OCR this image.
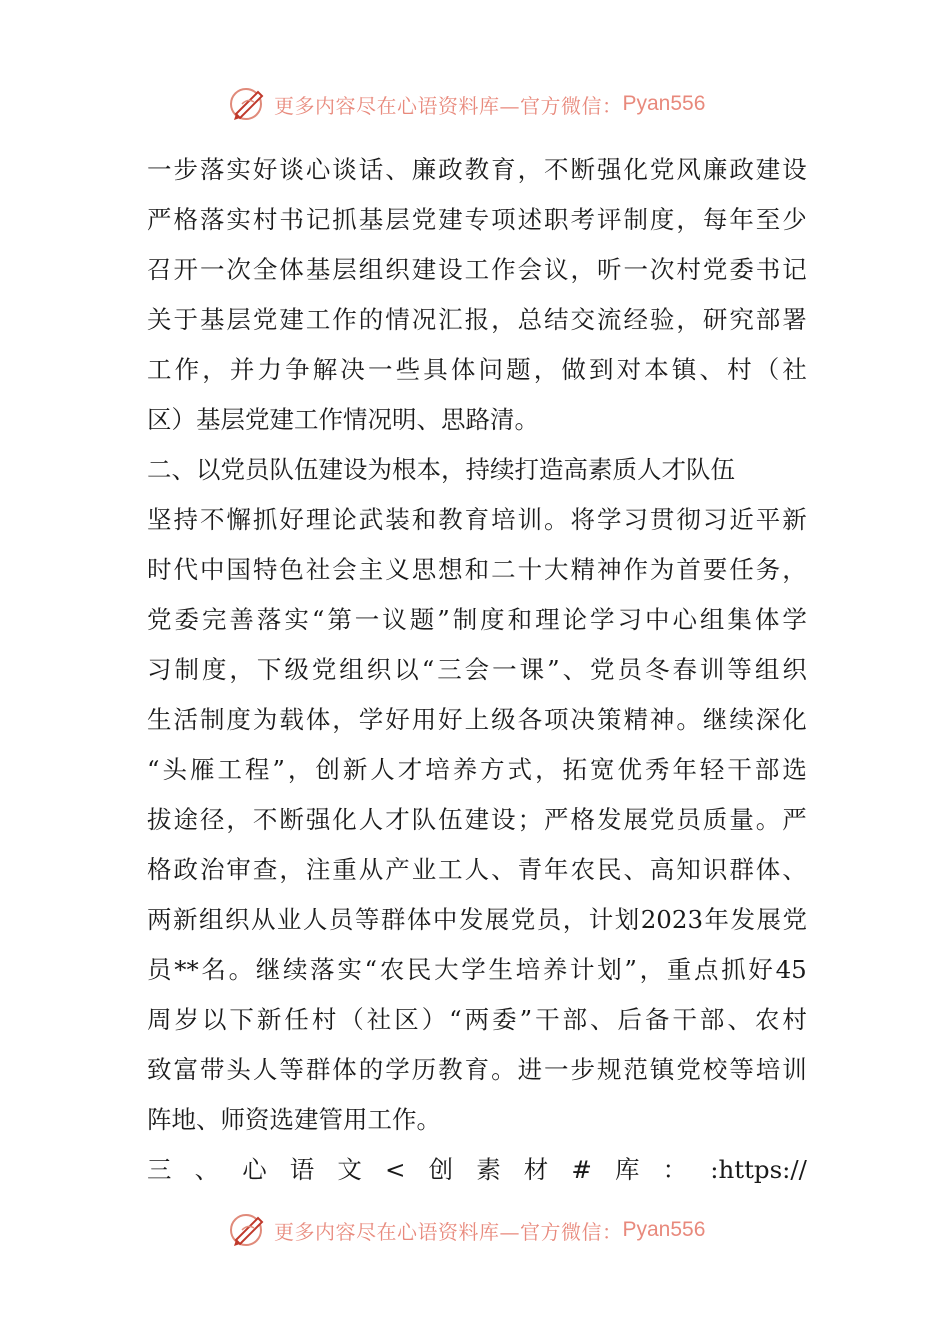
更多内容尽在心语资料库—官方微信： Pyan556
一 步 落 实 好 谈 心 谈 话 、 廉 政 教 育 ， 不 断 强 化 党 风 廉 政 建 设
严 格 落 实 村 书 记 抓 基 层 党 建 专 项 述 职 考 评 制 度 ， 每 年 至 少
召 开 一 次 全 体 基 层 组 织 建 设 工 作 会 议 ， 听 一 次 村 党 委 书 记
关 于 基 层 党 建 工 作 的 情 况 汇 报 ， 总 结 交 流 经 验 ， 研 究 部 署
工 作 ， 并 力 争 解 决 一 些 具 体 问 题 ， 做 到 对 本 镇 、 村 （ 社
区）基层党建工作情况明、思路清。
二、以党员队伍建设为根本，持续打造高素质人才队伍
坚 持 不 懈 抓 好 理 论 武 装 和 教 育 培 训 。 将 学 习 贯 彻 习 近 平 新
时 代 中 国 特 色 社 会 主 义 思 想 和 二 十 大 精 神 作 为 首 要 任 务 ，
党 委 完 善 落 实 “ 第 一 议 题 ” 制 度 和 理 论 学 习 中 心 组 集 体 学
习 制 度 ， 下 级 党 组 织 以 “ 三 会 一 课 ” 、 党 员 冬 春 训 等 组 织
生 活 制 度 为 载 体 ， 学 好 用 好 上 级 各 项 决 策 精 神 。 继 续 深 化
“ 头 雁 工 程 ” ， 创 新 人 才 培 养 方 式 ， 拓 宽 优 秀 年 轻 干 部 选
拔 途 径 ， 不 断 强 化 人 才 队 伍 建 设 ； 严 格 发 展 党 员 质 量 。 严
格 政 治 审 查 ， 注 重 从 产 业 工 人 、 青 年 农 民 、 高 知 识 群 体 、
两 新 组 织 从 业 人 员 等 群 体 中 发 展 党 员 ， 计 划 2023 年 发 展 党
员 ** 名 。 继 续 落 实 “ 农 民 大 学 生 培 养 计 划 ” ， 重 点 抓 好 45
周 岁 以 下 新 任 村 （ 社 区 ） “ 两 委 ” 干 部 、 后 备 干 部 、 农 村
致 富 带 头 人 等 群 体 的 学 历 教 育 。 进 一 步 规 范 镇 党 校 等 培 训
阵地、师资选建管用工作。
三 、 心 语 文 < 创 素 材 # 库 ： :https://
更多内容尽在心语资料库—官方微信： Pyan556
